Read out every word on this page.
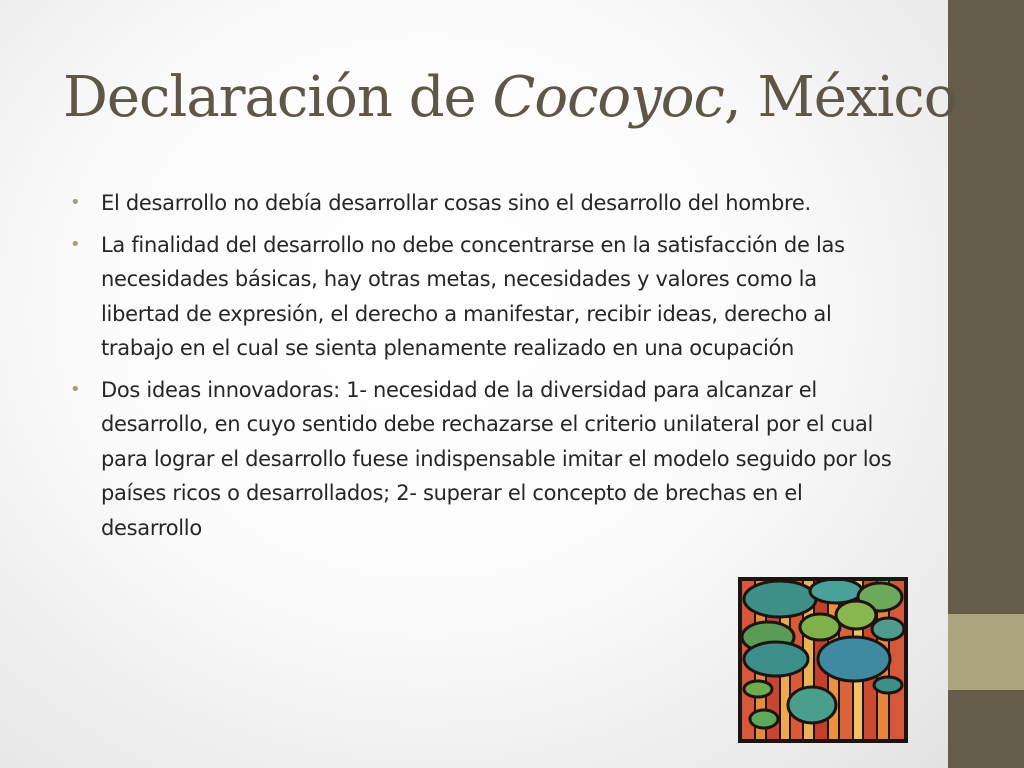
Declaración de Cocoyoc, México
• El desarrollo no debía desarrollar cosas sino el desarrollo del hombre.
• La finalidad del desarrollo no debe concentrarse en la satisfacción de las necesidades básicas, hay otras metas, necesidades y valores como la libertad de expresión, el derecho a manifestar, recibir ideas, derecho al trabajo en el cual se sienta plenamente realizado en una ocupación
• Dos ideas innovadoras: 1- necesidad de la diversidad para alcanzar el desarrollo, en cuyo sentido debe rechazarse el criterio unilateral por el cual para lograr el desarrollo fuese indispensable imitar el modelo seguido por los países ricos o desarrollados; 2- superar el concepto de brechas en el desarrollo
